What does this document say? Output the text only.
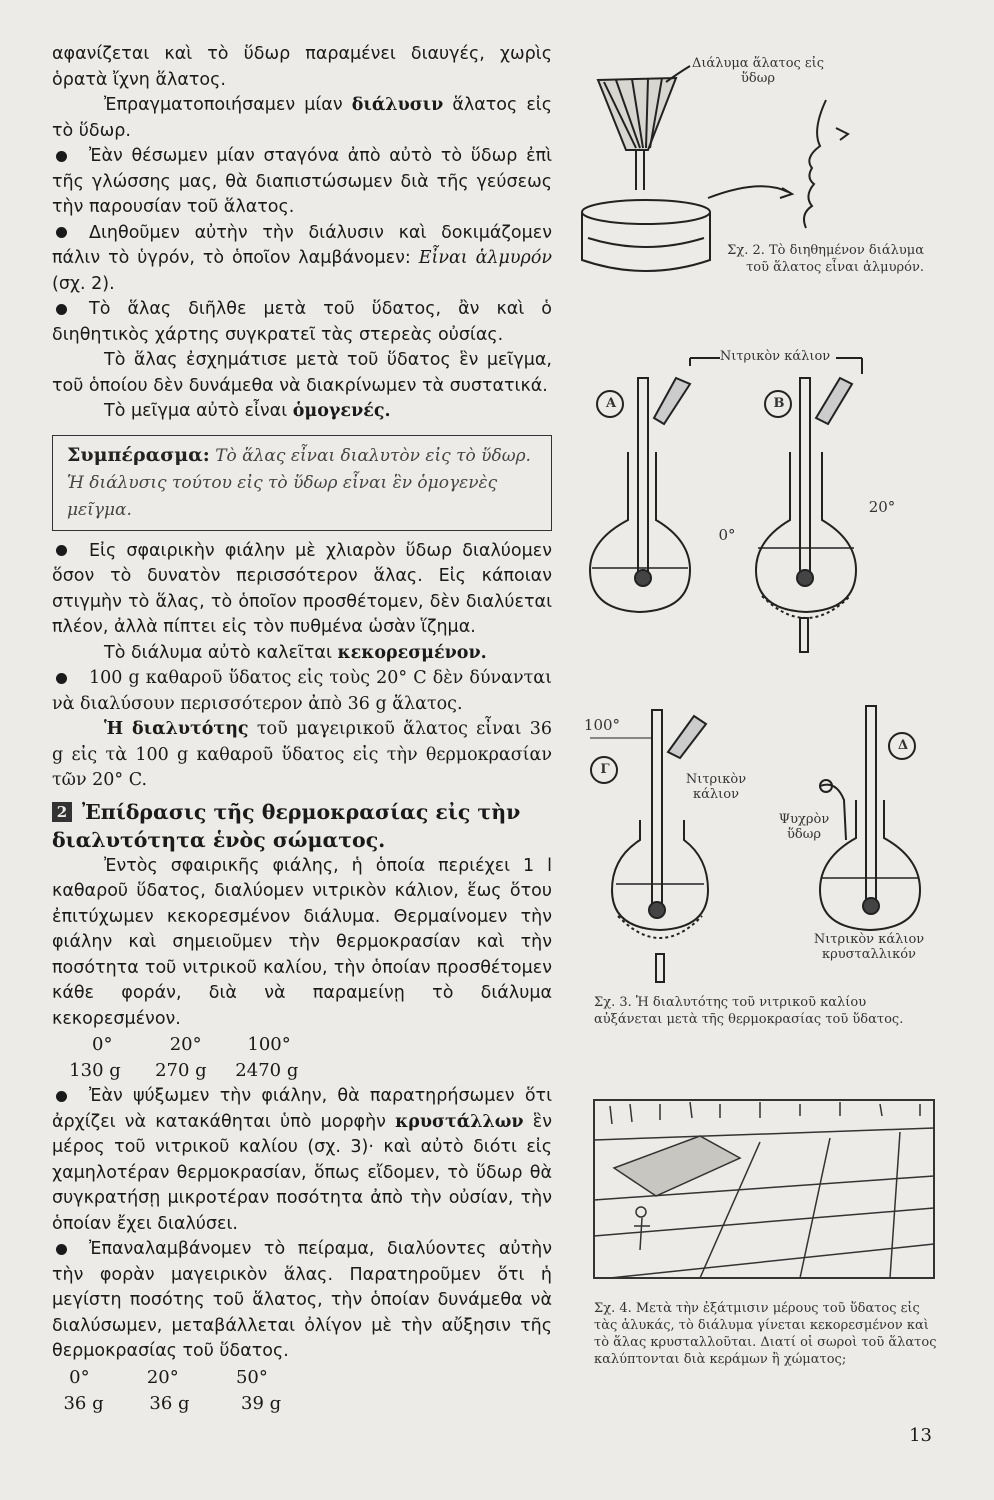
αφανίζεται καὶ τὸ ὕδωρ παραμένει διαυγές, χωρὶς ὁρατὰ ἴχνη ἅλατος.

Ἐπραγματοποιήσαμεν μίαν διάλυσιν ἅλατος εἰς τὸ ὕδωρ.

Ἐὰν θέσωμεν μίαν σταγόνα ἀπὸ αὐτὸ τὸ ὕδωρ ἐπὶ τῆς γλώσσης μας, θὰ διαπιστώσωμεν διὰ τῆς γεύσεως τὴν παρουσίαν τοῦ ἅλατος.

Διηθοῦμεν αὐτὴν τὴν διάλυσιν καὶ δοκιμάζομεν πάλιν τὸ ὑγρόν, τὸ ὁποῖον λαμβάνομεν: Εἶναι ἁλμυρόν (σχ. 2).

Τὸ ἅλας διῆλθε μετὰ τοῦ ὕδατος, ἂν καὶ ὁ διηθητικὸς χάρτης συγκρατεῖ τὰς στερεὰς οὐσίας.

Τὸ ἅλας ἐσχημάτισε μετὰ τοῦ ὕδατος ἓν μεῖγμα, τοῦ ὁποίου δὲν δυνάμεθα νὰ διακρίνωμεν τὰ συστατικά.

Τὸ μεῖγμα αὐτὸ εἶναι ὁμογενές.

Συμπέρασμα: Τὸ ἅλας εἶναι διαλυτὸν εἰς τὸ ὕδωρ. Ἡ διάλυσις τούτου εἰς τὸ ὕδωρ εἶναι ἓν ὁμογενὲς μεῖγμα.

Εἰς σφαιρικὴν φιάλην μὲ χλιαρὸν ὕδωρ διαλύομεν ὅσον τὸ δυνατὸν περισσότερον ἅλας. Εἰς κάποιαν στιγμὴν τὸ ἅλας, τὸ ὁποῖον προσθέτομεν, δὲν διαλύεται πλέον, ἀλλὰ πίπτει εἰς τὸν πυθμένα ὡσὰν ἵζημα.

Τὸ διάλυμα αὐτὸ καλεῖται κεκορεσμένον.

100 g καθαροῦ ὕδατος εἰς τοὺς 20° C δὲν δύνανται νὰ διαλύσουν περισσότερον ἀπὸ 36 g ἅλατος.

Ἡ διαλυτότης τοῦ μαγειρικοῦ ἅλατος εἶναι 36 g εἰς τὰ 100 g καθαροῦ ὕδατος εἰς τὴν θερμοκρασίαν τῶν 20° C.

2 Ἐπίδρασις τῆς θερμοκρασίας εἰς τὴν διαλυτότητα ἑνὸς σώματος.

Ἐντὸς σφαιρικῆς φιάλης, ἡ ὁποία περιέχει 1 l καθαροῦ ὕδατος, διαλύομεν νιτρικὸν κάλιον, ἕως ὅτου ἐπιτύχωμεν κεκορεσμένον διάλυμα. Θερμαίνομεν τὴν φιάλην καὶ σημειοῦμεν τὴν θερμοκρασίαν καὶ τὴν ποσότητα τοῦ νιτρικοῦ καλίου, τὴν ὁποίαν προσθέτομεν κάθε φοράν, διὰ νὰ παραμείνῃ τὸ διάλυμα κεκορεσμένον.

0°          20°        100°
130 g      270 g     2470 g

Ἐὰν ψύξωμεν τὴν φιάλην, θὰ παρατηρήσωμεν ὅτι ἀρχίζει νὰ κατακάθηται ὑπὸ μορφὴν κρυστάλλων ἓν μέρος τοῦ νιτρικοῦ καλίου (σχ. 3)· καὶ αὐτὸ διότι εἰς χαμηλοτέραν θερμοκρασίαν, ὅπως εἴδομεν, τὸ ὕδωρ θὰ συγκρατήσῃ μικροτέραν ποσότητα ἀπὸ τὴν οὐσίαν, τὴν ὁποίαν ἔχει διαλύσει.

Ἐπαναλαμβάνομεν τὸ πείραμα, διαλύοντες αὐτὴν τὴν φορὰν μαγειρικὸν ἅλας. Παρατηροῦμεν ὅτι ἡ μεγίστη ποσότης τοῦ ἅλατος, τὴν ὁποίαν δυνάμεθα νὰ διαλύσωμεν, μεταβάλλεται ὀλίγον μὲ τὴν αὔξησιν τῆς θερμοκρασίας τοῦ ὕδατος.

0°          20°          50°
36 g        36 g         39 g
Διάλυμα ἅλατος εἰς ὕδωρ
Σχ. 2. Τὸ διηθημένον διάλυμα τοῦ ἅλατος εἶναι ἁλμυρόν.
Νιτρικὸν κάλιον
A	B
Γ
Δ
0°
20°
100°
Νιτρικὸν κάλιον
Ψυχρὸν ὕδωρ
Νιτρικὸν κάλιον κρυσταλλικόν
Σχ. 3. Ἡ διαλυτότης τοῦ νιτρικοῦ καλίου αὐξάνεται μετὰ τῆς θερμοκρασίας τοῦ ὕδατος.
Σχ. 4. Μετὰ τὴν ἐξάτμισιν μέρους τοῦ ὕδατος εἰς τὰς ἁλυκάς, τὸ διάλυμα γίνεται κεκορεσμένον καὶ τὸ ἅλας κρυσταλλοῦται. Διατί οἱ σωροὶ τοῦ ἅλατος καλύπτονται διὰ κεράμων ἢ χώματος;
13
